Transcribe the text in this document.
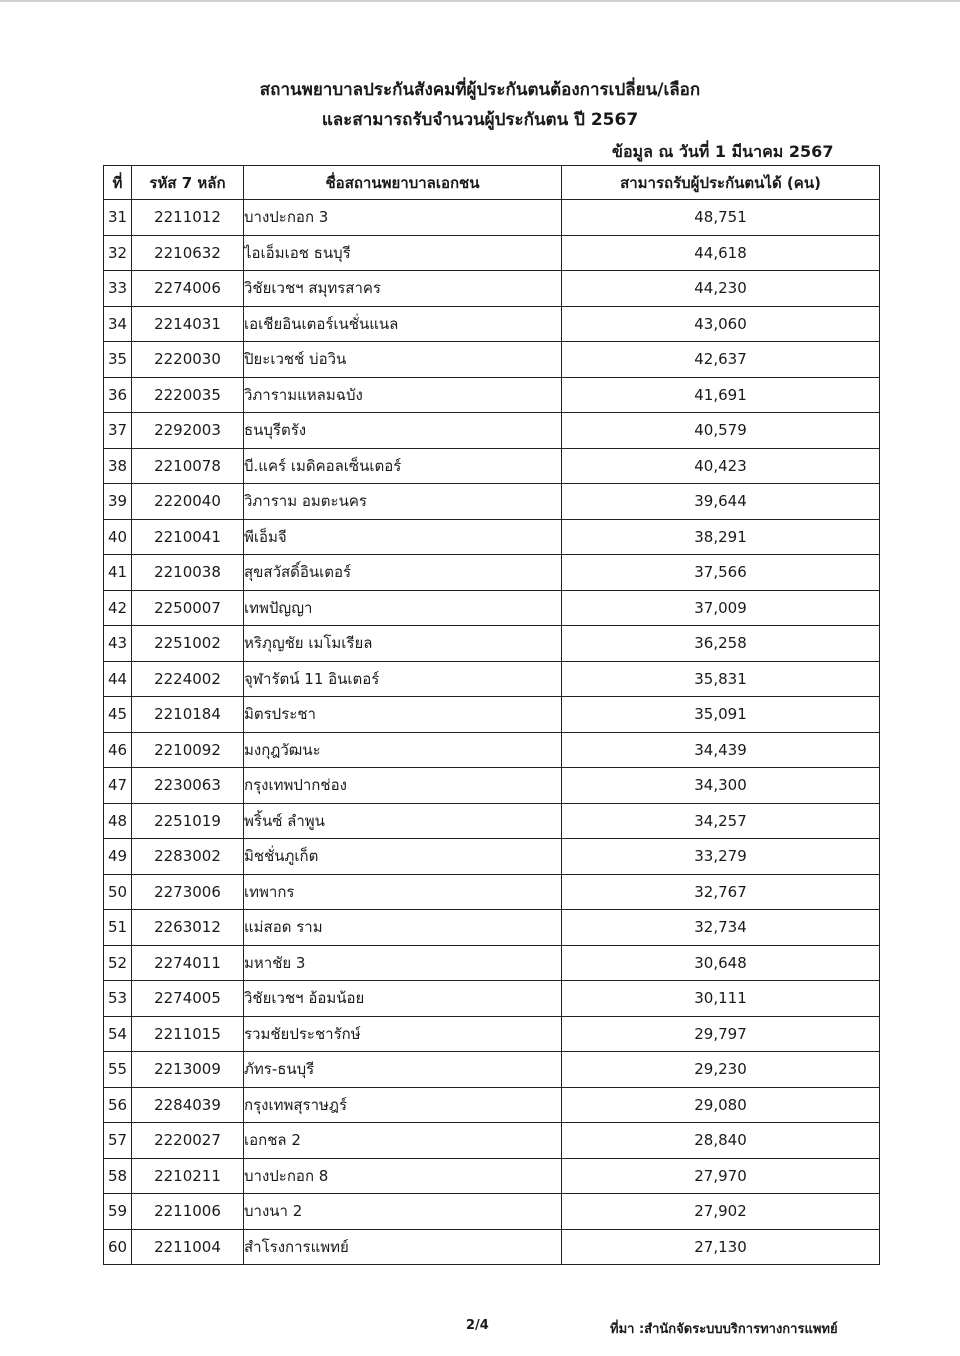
สถานพยาบาลประกันสังคมที่ผู้ประกันตนต้องการเปลี่ยน/เลือก
และสามารถรับจำนวนผู้ประกันตน ปี 2567
ข้อมูล ณ วันที่ 1 มีนาคม 2567
ที่	รหัส 7 หลัก	ชื่อสถานพยาบาลเอกชน	สามารถรับผู้ประกันตนได้ (คน)
31	2211012	บางปะกอก 3	48,751
32	2210632	ไอเอ็มเอช ธนบุรี	44,618
33	2274006	วิชัยเวชฯ สมุทรสาคร	44,230
34	2214031	เอเชียอินเตอร์เนชั่นแนล	43,060
35	2220030	ปิยะเวชช์ บ่อวิน	42,637
36	2220035	วิภารามแหลมฉบัง	41,691
37	2292003	ธนบุรีตรัง	40,579
38	2210078	บี.แคร์ เมดิคอลเซ็นเตอร์	40,423
39	2220040	วิภาราม อมตะนคร	39,644
40	2210041	พีเอ็มจี	38,291
41	2210038	สุขสวัสดิ์อินเตอร์	37,566
42	2250007	เทพปัญญา	37,009
43	2251002	หริภุญชัย เมโมเรียล	36,258
44	2224002	จุฬารัตน์ 11 อินเตอร์	35,831
45	2210184	มิตรประชา	35,091
46	2210092	มงกุฎวัฒนะ	34,439
47	2230063	กรุงเทพปากช่อง	34,300
48	2251019	พริ้นซ์ ลำพูน	34,257
49	2283002	มิชชั่นภูเก็ต	33,279
50	2273006	เทพากร	32,767
51	2263012	แม่สอด ราม	32,734
52	2274011	มหาชัย 3	30,648
53	2274005	วิชัยเวชฯ อ้อมน้อย	30,111
54	2211015	รวมชัยประชารักษ์	29,797
55	2213009	ภัทร-ธนบุรี	29,230
56	2284039	กรุงเทพสุราษฎร์	29,080
57	2220027	เอกชล 2	28,840
58	2210211	บางปะกอก 8	27,970
59	2211006	บางนา 2	27,902
60	2211004	สำโรงการแพทย์	27,130
2/4	ที่มา :สำนักจัดระบบบริการทางการแพทย์
